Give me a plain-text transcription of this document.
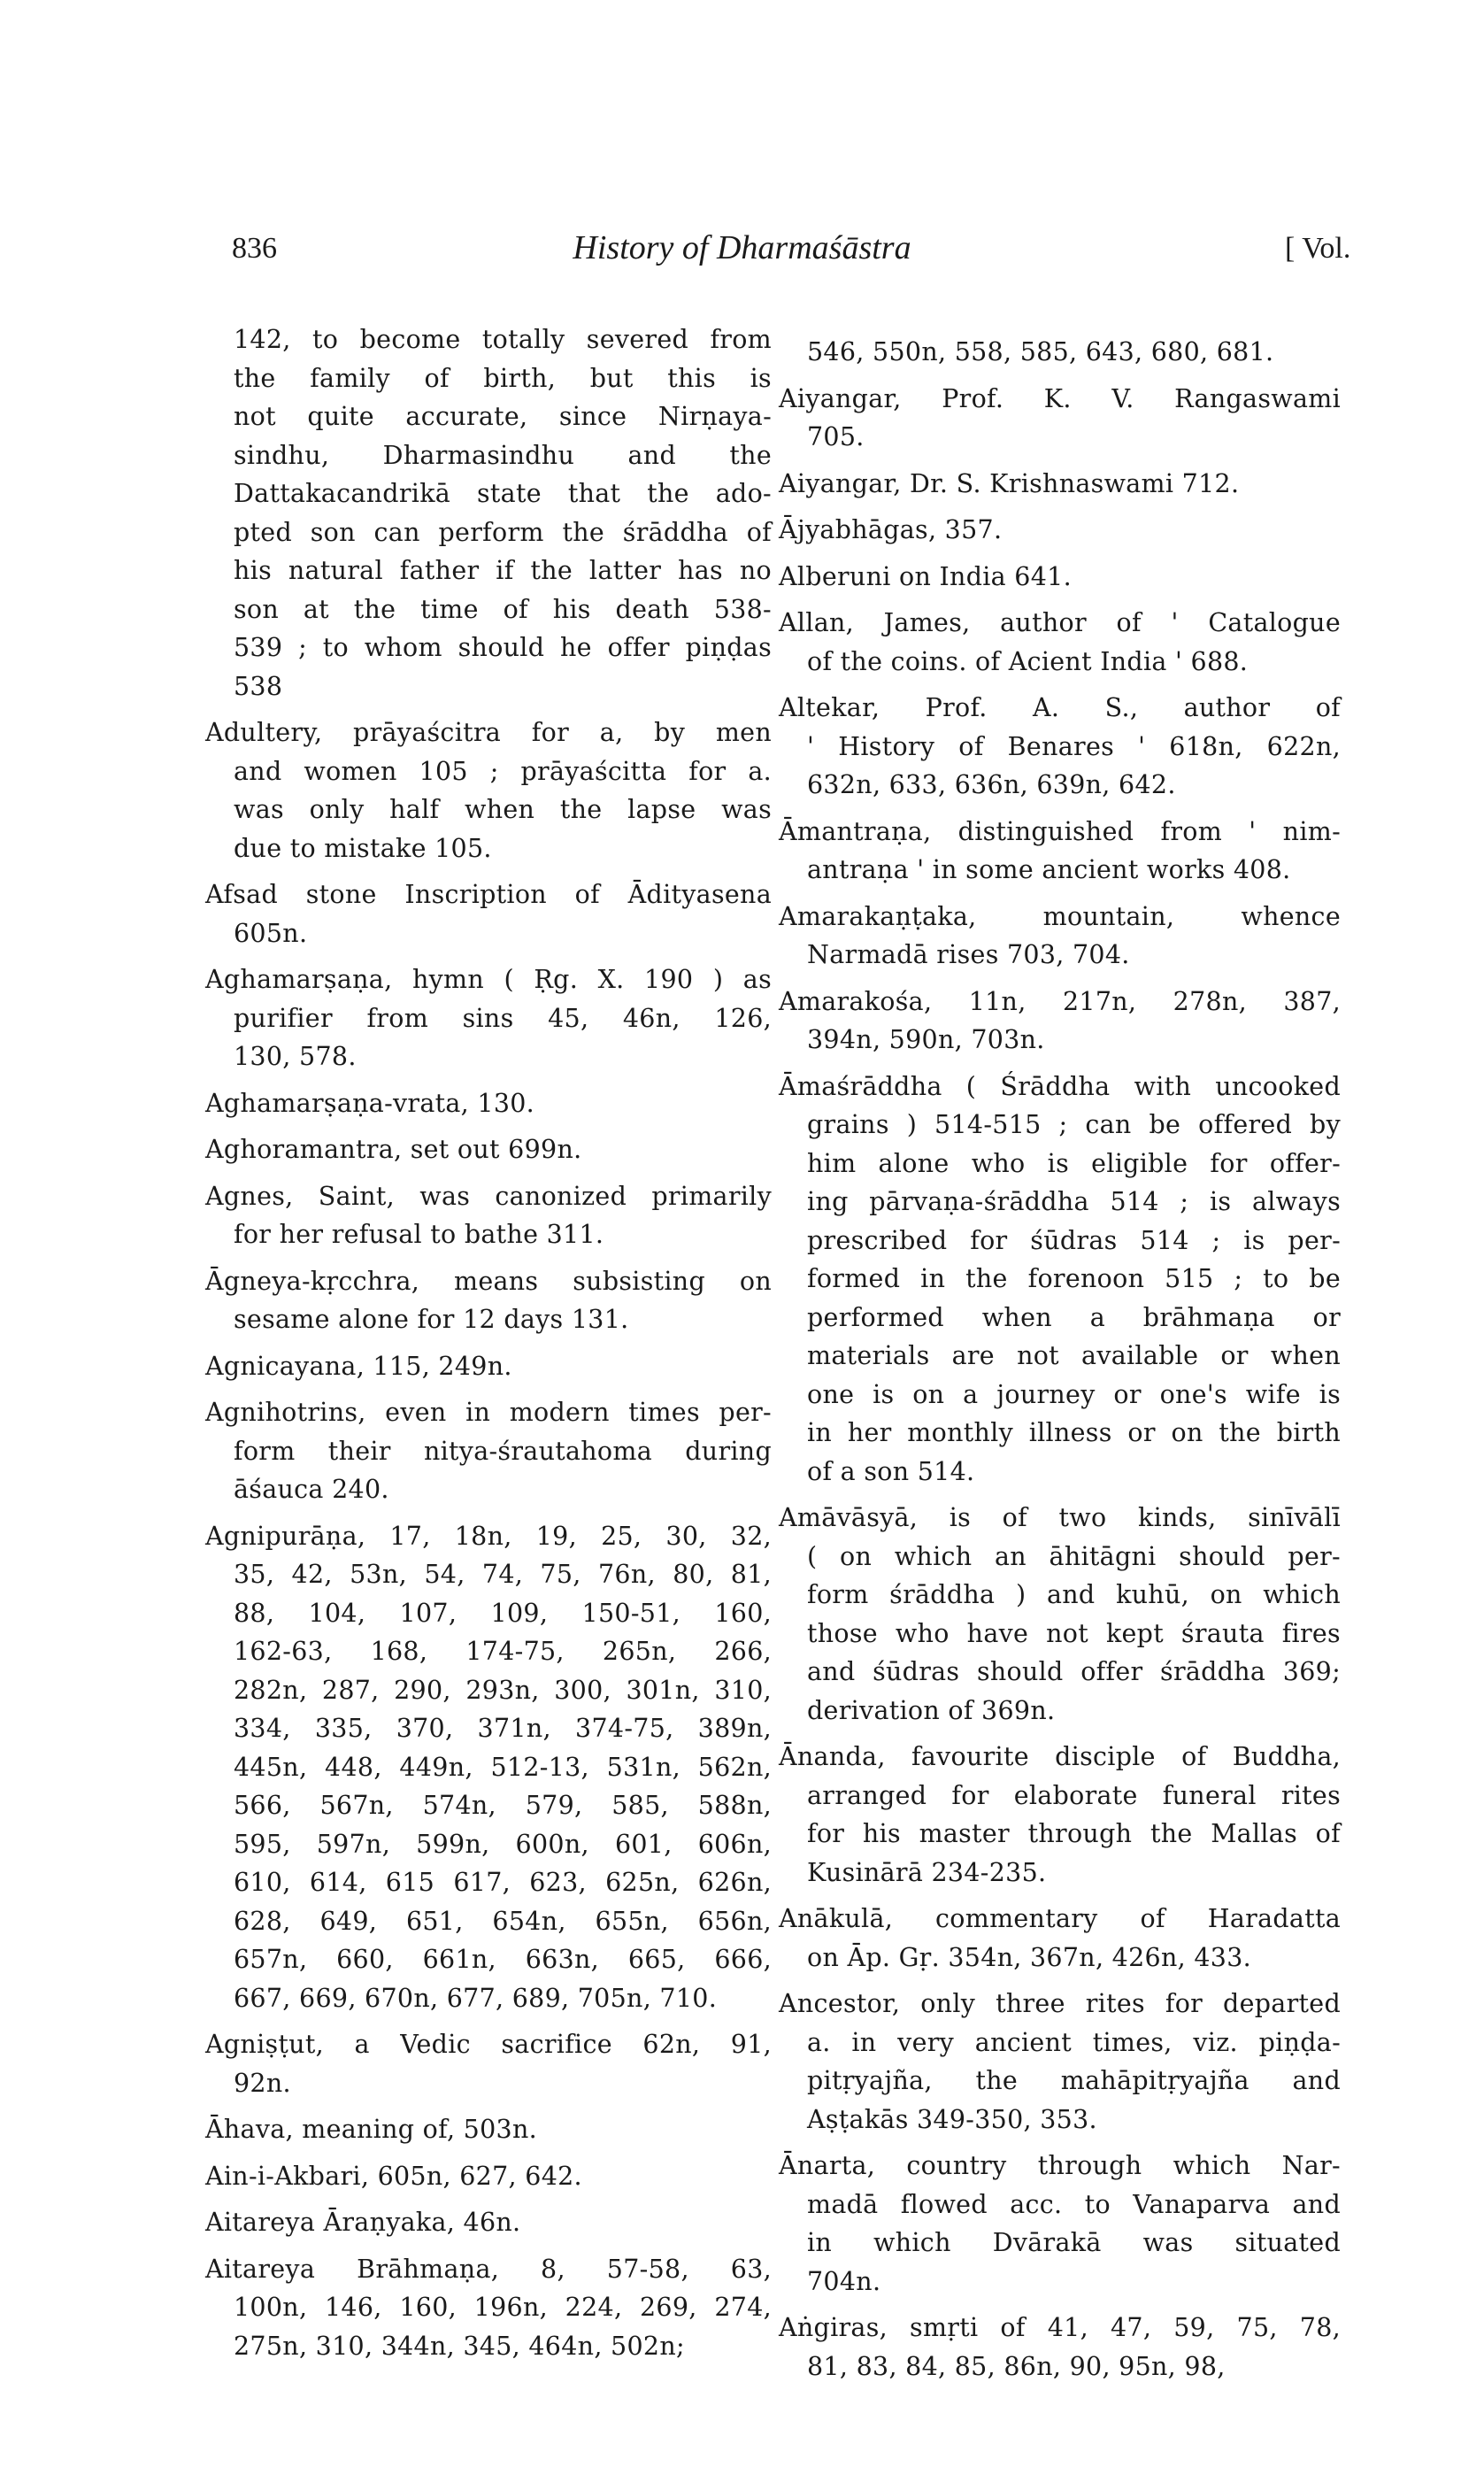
836	History of Dharmaśāstra	[ Vol.
142, to become totally severed from
the family of birth, but this is
not quite accurate, since Nirṇaya-
sindhu, Dharmasindhu and the
Dattakacandrikā state that the ado-
pted son can perform the śrāddha of
his natural father if the latter has no
son at the time of his death 538-
539 ; to whom should he offer piṇḍas
538
Adultery, prāyaścitra for a, by men
and women 105 ; prāyaścitta for a.
was only half when the lapse was
due to mistake 105.
Afsad stone Inscription of Ādityasena
605n.
Aghamarṣaṇa, hymn ( Ṛg. X. 190 ) as
purifier from sins 45, 46n, 126,
130, 578.
Aghamarṣaṇa-vrata, 130.
Aghoramantra, set out 699n.
Agnes, Saint, was canonized primarily
for her refusal to bathe 311.
Āgneya-kṛcchra, means subsisting on
sesame alone for 12 days 131.
Agnicayana, 115, 249n.
Agnihotrins, even in modern times per-
form their nitya-śrautahoma during
āśauca 240.
Agnipurāṇa, 17, 18n, 19, 25, 30, 32,
35, 42, 53n, 54, 74, 75, 76n, 80, 81,
88, 104, 107, 109, 150-51, 160,
162-63, 168, 174-75, 265n, 266,
282n, 287, 290, 293n, 300, 301n, 310,
334, 335, 370, 371n, 374-75, 389n,
445n, 448, 449n, 512-13, 531n, 562n,
566, 567n, 574n, 579, 585, 588n,
595, 597n, 599n, 600n, 601, 606n,
610, 614, 615 617, 623, 625n, 626n,
628, 649, 651, 654n, 655n, 656n,
657n, 660, 661n, 663n, 665, 666,
667, 669, 670n, 677, 689, 705n, 710.
Agniṣṭut, a Vedic sacrifice 62n, 91,
92n.
Āhava, meaning of, 503n.
Ain-i-Akbari, 605n, 627, 642.
Aitareya Āraṇyaka, 46n.
Aitareya Brāhmaṇa, 8, 57-58, 63,
100n, 146, 160, 196n, 224, 269, 274,
275n, 310, 344n, 345, 464n, 502n;
546, 550n, 558, 585, 643, 680, 681.
Aiyangar, Prof. K. V. Rangaswami
705.
Aiyangar, Dr. S. Krishnaswami 712.
Ājyabhāgas, 357.
Alberuni on India 641.
Allan, James, author of ' Catalogue
of the coins. of Acient India ' 688.
Altekar, Prof. A. S., author of
' History of Benares ' 618n, 622n,
632n, 633, 636n, 639n, 642.
Āmantraṇa, distinguished from ' nim-
antraṇa ' in some ancient works 408.
Amarakaṇṭaka, mountain, whence
Narmadā rises 703, 704.
Amarakośa, 11n, 217n, 278n, 387,
394n, 590n, 703n.
Āmaśrāddha ( Śrāddha with uncooked
grains ) 514-515 ; can be offered by
him alone who is eligible for offer-
ing pārvaṇa-śrāddha 514 ; is always
prescribed for śūdras 514 ; is per-
formed in the forenoon 515 ; to be
performed when a brāhmaṇa or
materials are not available or when
one is on a journey or one's wife is
in her monthly illness or on the birth
of a son 514.
Amāvāsyā, is of two kinds, sinīvālī
( on which an āhitāgni should per-
form śrāddha ) and kuhū, on which
those who have not kept śrauta fires
and śūdras should offer śrāddha 369;
derivation of 369n.
Ānanda, favourite disciple of Buddha,
arranged for elaborate funeral rites
for his master through the Mallas of
Kusinārā 234-235.
Anākulā, commentary of Haradatta
on Āp. Gṛ. 354n, 367n, 426n, 433.
Ancestor, only three rites for departed
a. in very ancient times, viz. piṇḍa-
pitṛyajña, the mahāpitṛyajña and
Aṣṭakās 349-350, 353.
Ānarta, country through which Nar-
madā flowed acc. to Vanaparva and
in which Dvārakā was situated
704n.
Aṅgiras, smṛti of 41, 47, 59, 75, 78,
81, 83, 84, 85, 86n, 90, 95n, 98,
